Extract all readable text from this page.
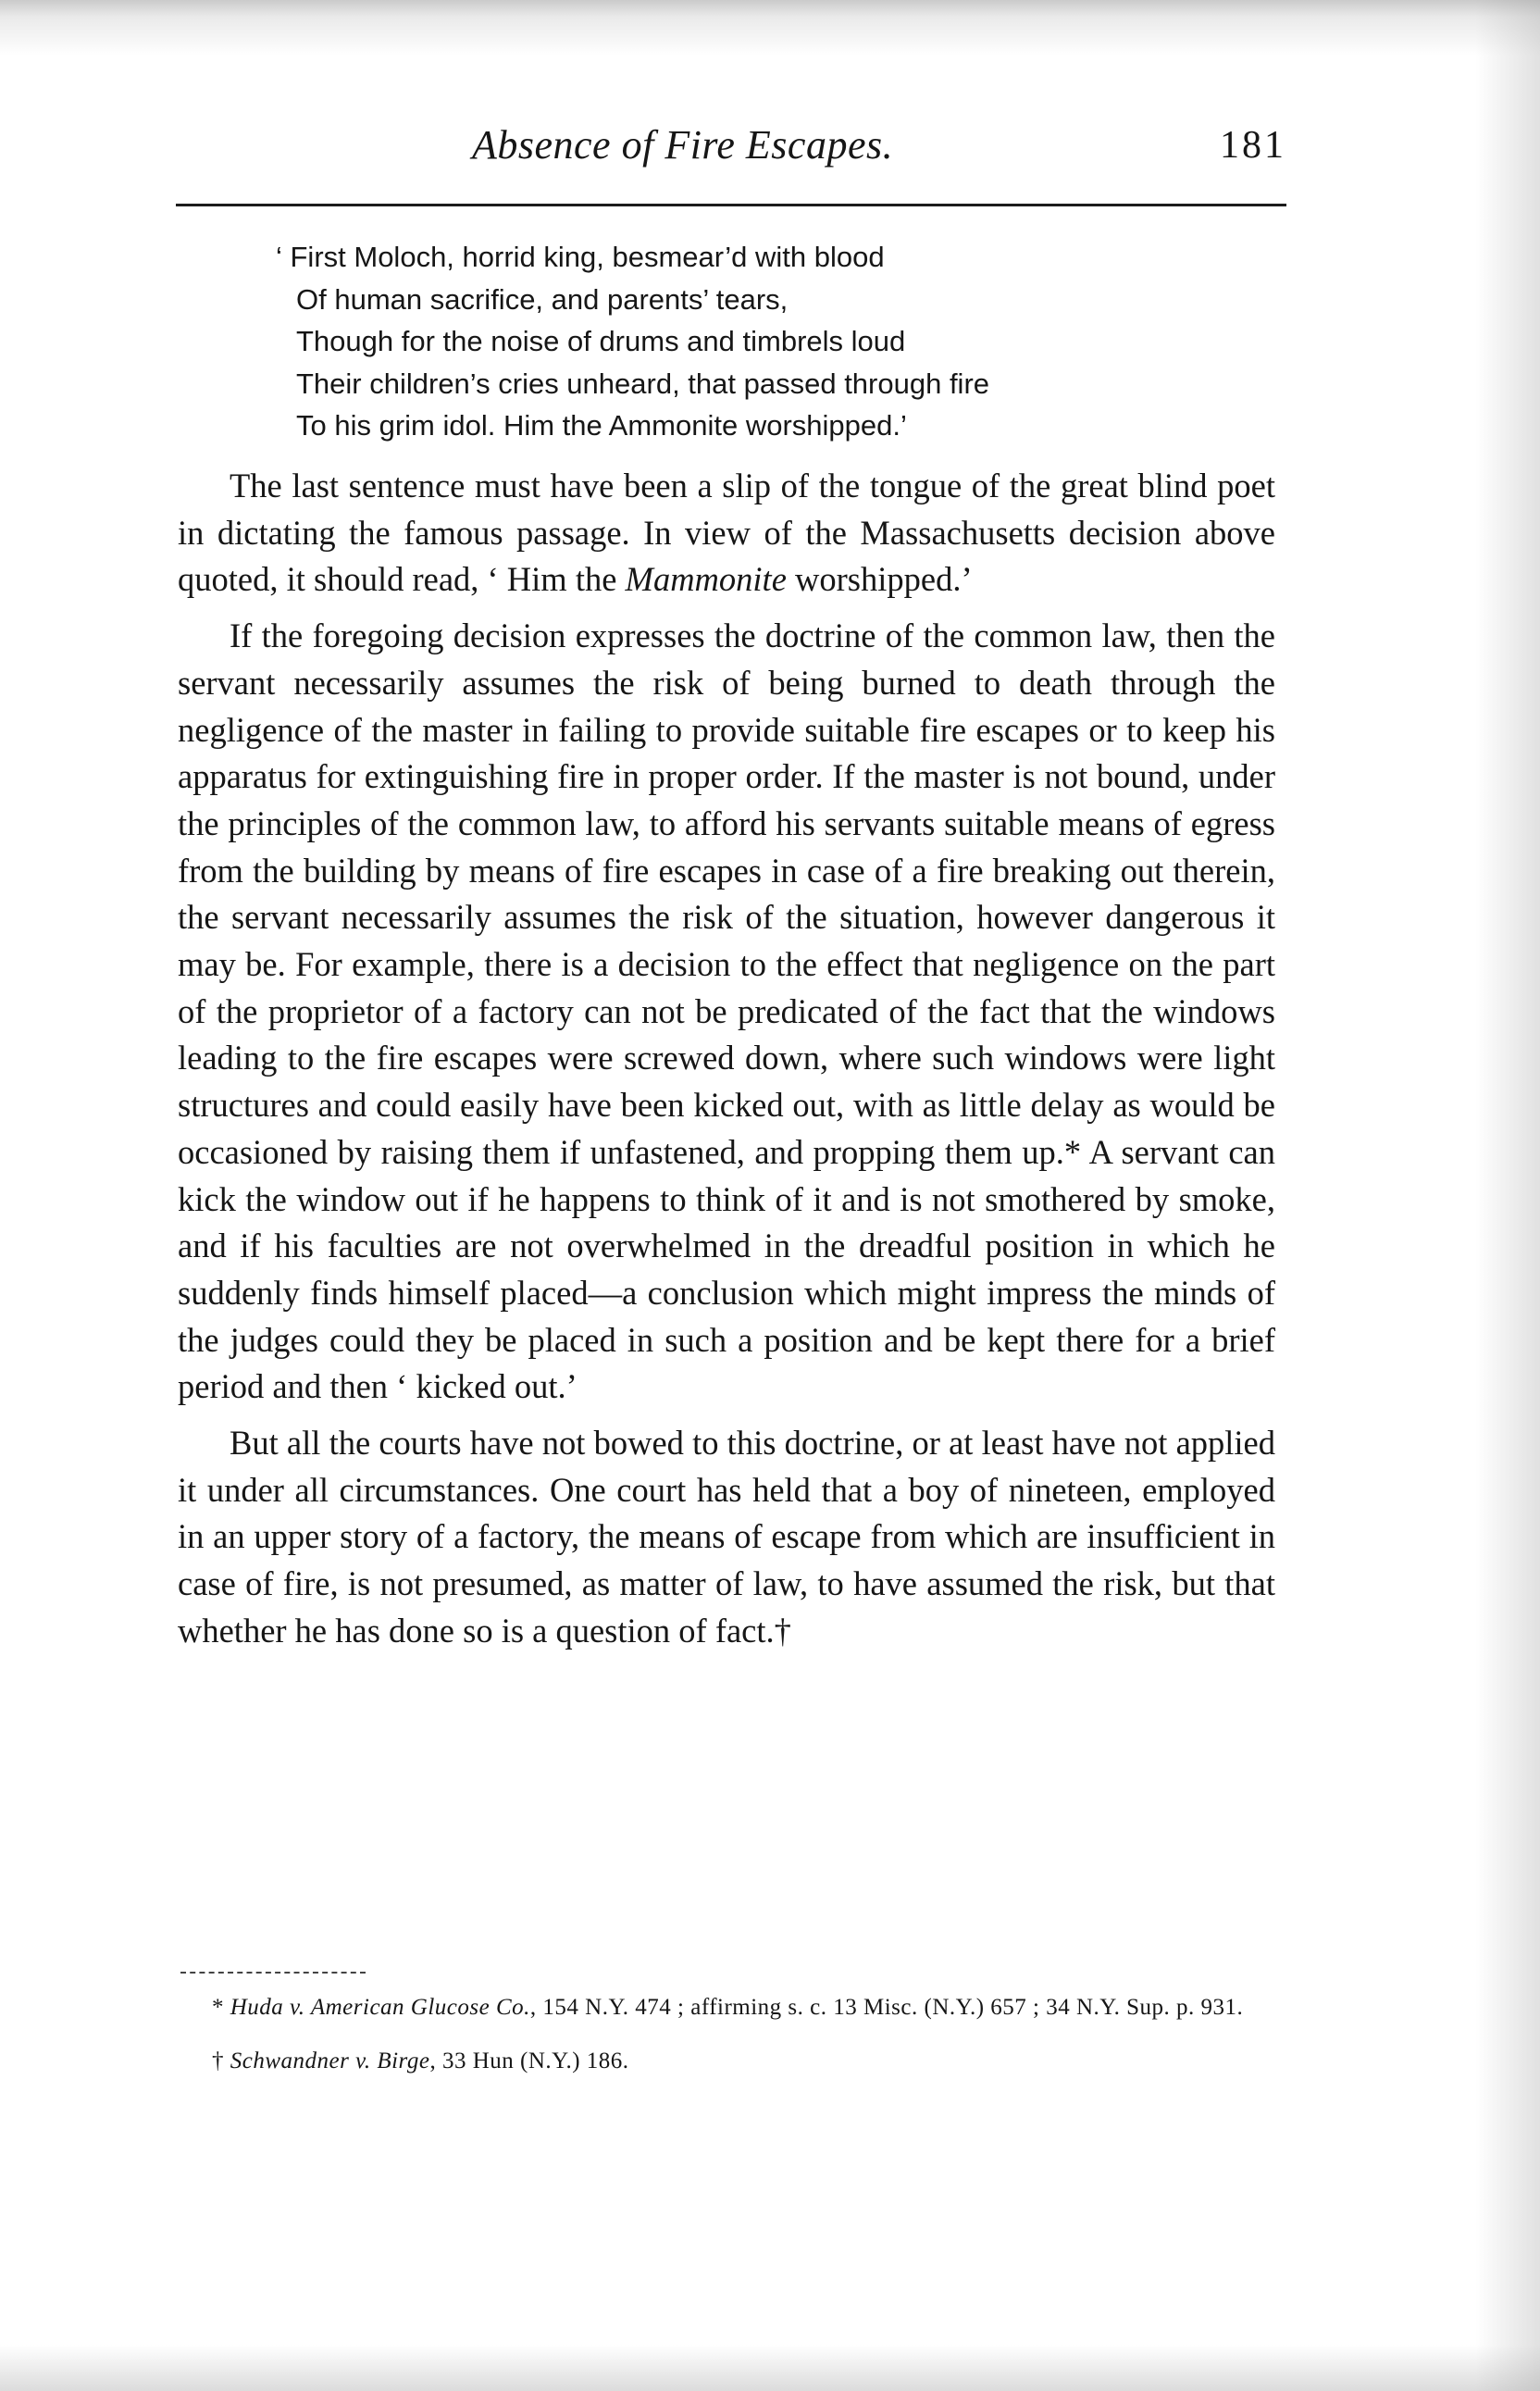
Absence of Fire Escapes.	181

‘ First Moloch, horrid king, besmear’d with blood

Of human sacrifice, and parents’ tears,

Though for the noise of drums and timbrels loud

Their children’s cries unheard, that passed through fire

To his grim idol. Him the Ammonite worshipped.’

The last sentence must have been a slip of the tongue of the great blind poet in dictating the famous passage. In view of the Massachusetts decision above quoted, it should read, ‘ Him the Mammonite worshipped.’

If the foregoing decision expresses the doctrine of the common law, then the servant necessarily assumes the risk of being burned to death through the negligence of the master in failing to provide suitable fire escapes or to keep his apparatus for extinguishing fire in proper order. If the master is not bound, under the principles of the common law, to afford his servants suitable means of egress from the building by means of fire escapes in case of a fire breaking out therein, the servant necessarily assumes the risk of the situation, however dangerous it may be. For example, there is a decision to the effect that negligence on the part of the proprietor of a factory can not be predicated of the fact that the windows leading to the fire escapes were screwed down, where such windows were light structures and could easily have been kicked out, with as little delay as would be occasioned by raising them if unfastened, and propping them up.* A servant can kick the window out if he happens to think of it and is not smothered by smoke, and if his faculties are not overwhelmed in the dreadful position in which he suddenly finds himself placed—a conclusion which might impress the minds of the judges could they be placed in such a position and be kept there for a brief period and then ‘ kicked out.’

But all the courts have not bowed to this doctrine, or at least have not applied it under all circumstances. One court has held that a boy of nineteen, employed in an upper story of a factory, the means of escape from which are insufficient in case of fire, is not presumed, as matter of law, to have assumed the risk, but that whether he has done so is a question of fact.†

* Huda v. American Glucose Co., 154 N.Y. 474 ; affirming s. c. 13 Misc. (N.Y.) 657 ; 34 N.Y. Sup. p. 931.

† Schwandner v. Birge, 33 Hun (N.Y.) 186.
